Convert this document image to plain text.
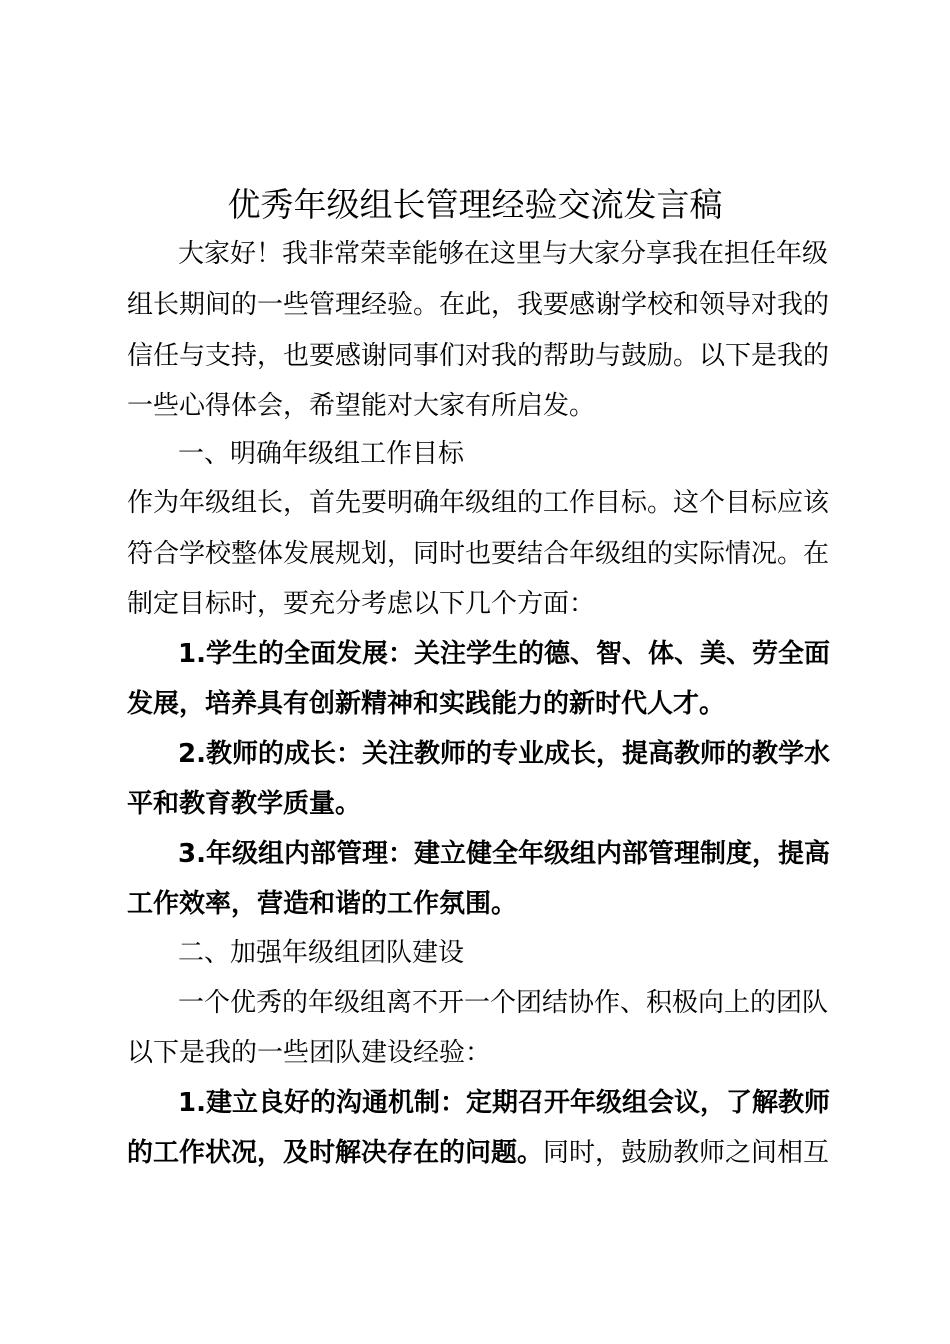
优秀年级组长管理经验交流发言稿
大家好！我非常荣幸能够在这里与大家分享我在担任年级
组长期间的一些管理经验。在此，我要感谢学校和领导对我的
信任与支持，也要感谢同事们对我的帮助与鼓励。以下是我的
一些心得体会，希望能对大家有所启发。
一、明确年级组工作目标
作为年级组长，首先要明确年级组的工作目标。这个目标应该
符合学校整体发展规划，同时也要结合年级组的实际情况。在
制定目标时，要充分考虑以下几个方面：
1.学生的全面发展：关注学生的德、智、体、美、劳全面
发展，培养具有创新精神和实践能力的新时代人才。
2.教师的成长：关注教师的专业成长，提高教师的教学水
平和教育教学质量。
3.年级组内部管理：建立健全年级组内部管理制度，提高
工作效率，营造和谐的工作氛围。
二、加强年级组团队建设
一个优秀的年级组离不开一个团结协作、积极向上的团队
以下是我的一些团队建设经验：
1.建立良好的沟通机制：定期召开年级组会议，了解教师
的工作状况，及时解决存在的问题。同时，鼓励教师之间相互
